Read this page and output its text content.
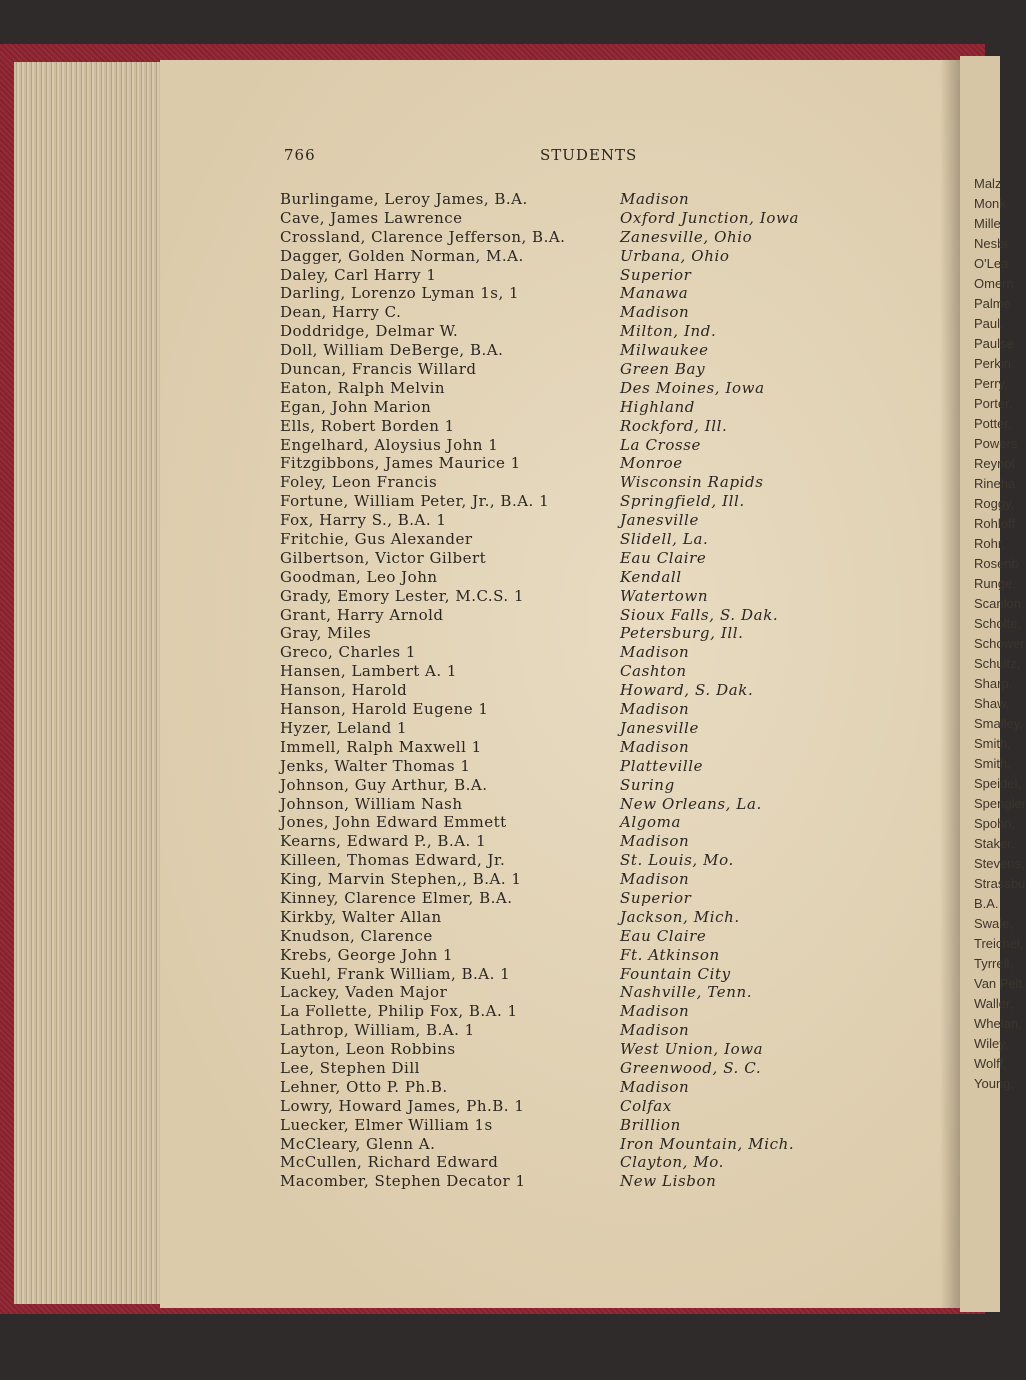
Malz
Monk
Mille
Nesbi
O'Lea
Omern
Palme
Paul,
Paulse
Perkin
Perry,
Porter,
Potter,
Powers
Reynol
Rineha
Roggy,
Rohloff
Rohr,
Rosenb
Runge,
Scanlon
Scholte,
Schower
Schultz,
Sharp,
Shaw,
Smalley,
Smith,
Smith,
Speidel,
Spengler
Spohn,
Staker,
Stevens,
Strassbu
B.A.
Swale,
Treichel,
Tyrrell,
Van Pelt,
Waller,
Whelan,
Wiley,
Wolff,
Young,
766	STUDENTS
Burlingame, Leroy James, B.A.	Madison
Cave, James Lawrence	Oxford Junction, Iowa
Crossland, Clarence Jefferson, B.A.	Zanesville, Ohio
Dagger, Golden Norman, M.A.	Urbana, Ohio
Daley, Carl Harry 1	Superior
Darling, Lorenzo Lyman 1s, 1	Manawa
Dean, Harry C.	Madison
Doddridge, Delmar W.	Milton, Ind.
Doll, William DeBerge, B.A.	Milwaukee
Duncan, Francis Willard	Green Bay
Eaton, Ralph Melvin	Des Moines, Iowa
Egan, John Marion	Highland
Ells, Robert Borden 1	Rockford, Ill.
Engelhard, Aloysius John 1	La Crosse
Fitzgibbons, James Maurice 1	Monroe
Foley, Leon Francis	Wisconsin Rapids
Fortune, William Peter, Jr., B.A. 1	Springfield, Ill.
Fox, Harry S., B.A. 1	Janesville
Fritchie, Gus Alexander	Slidell, La.
Gilbertson, Victor Gilbert	Eau Claire
Goodman, Leo John	Kendall
Grady, Emory Lester, M.C.S. 1	Watertown
Grant, Harry Arnold	Sioux Falls, S. Dak.
Gray, Miles	Petersburg, Ill.
Greco, Charles 1	Madison
Hansen, Lambert A. 1	Cashton
Hanson, Harold	Howard, S. Dak.
Hanson, Harold Eugene 1	Madison
Hyzer, Leland 1	Janesville
Immell, Ralph Maxwell 1	Madison
Jenks, Walter Thomas 1	Platteville
Johnson, Guy Arthur, B.A.	Suring
Johnson, William Nash	New Orleans, La.
Jones, John Edward Emmett	Algoma
Kearns, Edward P., B.A. 1	Madison
Killeen, Thomas Edward, Jr.	St. Louis, Mo.
King, Marvin Stephen,, B.A. 1	Madison
Kinney, Clarence Elmer, B.A.	Superior
Kirkby, Walter Allan	Jackson, Mich.
Knudson, Clarence	Eau Claire
Krebs, George John 1	Ft. Atkinson
Kuehl, Frank William, B.A. 1	Fountain City
Lackey, Vaden Major	Nashville, Tenn.
La Follette, Philip Fox, B.A. 1	Madison
Lathrop, William, B.A. 1	Madison
Layton, Leon Robbins	West Union, Iowa
Lee, Stephen Dill	Greenwood, S. C.
Lehner, Otto P. Ph.B.	Madison
Lowry, Howard James, Ph.B. 1	Colfax
Luecker, Elmer William 1s	Brillion
McCleary, Glenn A.	Iron Mountain, Mich.
McCullen, Richard Edward	Clayton, Mo.
Macomber, Stephen Decator 1	New Lisbon
